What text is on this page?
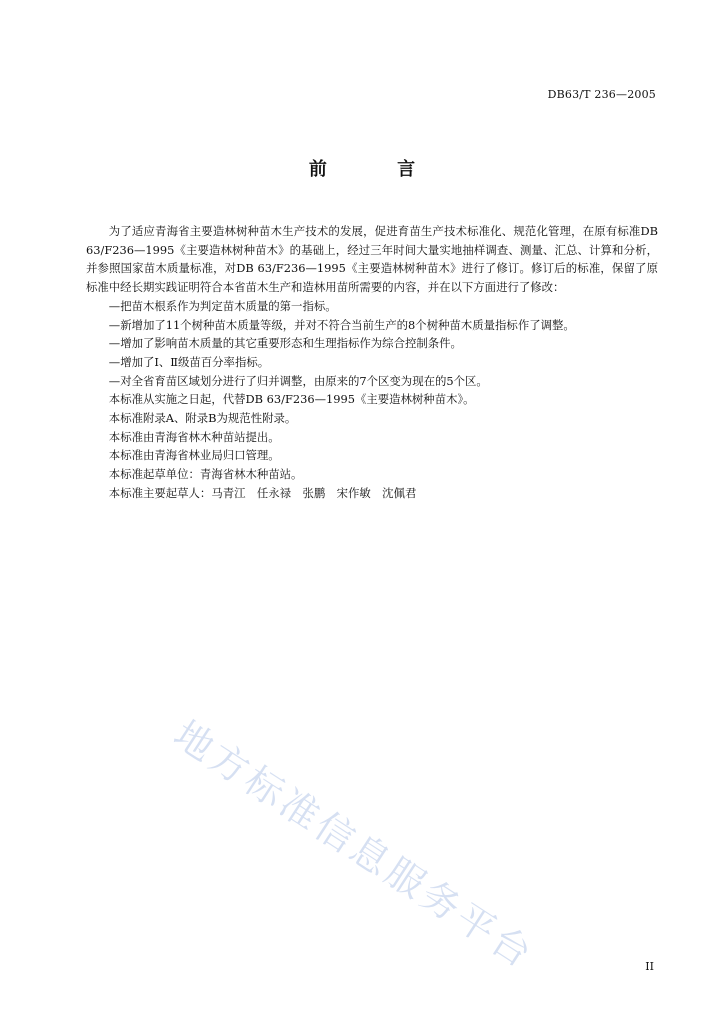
DB63/T 236—2005
前 言

为了适应青海省主要造林树种苗木生产技术的发展，促进育苗生产技术标准化、规范化管理，在原有标准DB 63/F236—1995《主要造林树种苗木》的基础上，经过三年时间大量实地抽样调查、测量、汇总、计算和分析，并参照国家苗木质量标准，对DB 63/F236—1995《主要造林树种苗木》进行了修订。修订后的标准，保留了原标准中经长期实践证明符合本省苗木生产和造林用苗所需要的内容，并在以下方面进行了修改：

—把苗木根系作为判定苗木质量的第一指标。

—新增加了11个树种苗木质量等级，并对不符合当前生产的8个树种苗木质量指标作了调整。

—增加了影响苗木质量的其它重要形态和生理指标作为综合控制条件。

—增加了Ⅰ、Ⅱ级苗百分率指标。

—对全省育苗区域划分进行了归并调整，由原来的7个区变为现在的5个区。

本标准从实施之日起，代替DB 63/F236—1995《主要造林树种苗木》。

本标准附录A、附录B为规范性附录。

本标准由青海省林木种苗站提出。

本标准由青海省林业局归口管理。

本标准起草单位：青海省林木种苗站。

本标准主要起草人：马青江　任永禄　张鹏　宋作敏　沈佩君

地方标准信息服务平台	II
